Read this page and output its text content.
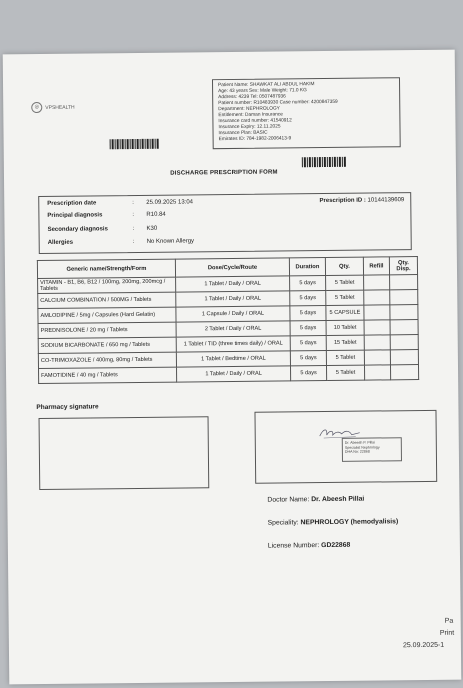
◎	VPSHEALTH
Patient Name: SHAWKAT ALI ABDUL HAKIM
Age: 43 years Sex: Male Weight: 71.0 KG
Address: 4239 Tel: 0507487936
Patient number: R10483930 Case number: 4200847359
Department: NEPHROLOGY
Entitlement: Daman Insurance
Insurance card number: 41540912
Insurance Expiry: 12.11.2025
Insurance Plan: BASIC
Emirates ID: 784-1982-2006413-9
DISCHARGE PRESCRIPTION FORM
Prescription date	:	25.09.2025 13:04	Prescription ID : 10144139609
Principal diagnosis	:	R10.84
Secondary diagnosis	:	K30
Allergies	:	No Known Allergy
Generic name/Strength/Form	Dose/Cycle/Route	Duration	Qty.	Refill	Qty. Disp.
VITAMIN - B1, B6, B12 / 100mg, 200mg, 200mcg / Tablets	1 Tablet / Daily / ORAL	5 days	5 Tablet		
CALCIUM COMBINATION / 500MG / Tablets	1 Tablet / Daily / ORAL	5 days	5 Tablet		
AMLODIPINE / 5mg / Capsules (Hard Gelatin)	1 Capsule / Daily / ORAL	5 days	5 CAPSULE		
PREDNISOLONE / 20 mg / Tablets	2 Tablet / Daily / ORAL	5 days	10 Tablet		
SODIUM BICARBONATE / 650 mg / Tablets	1 Tablet / TID (three times daily) / ORAL	5 days	15 Tablet		
CO-TRIMOXAZOLE / 400mg, 80mg / Tablets	1 Tablet / Bedtime / ORAL	5 days	5 Tablet		
FAMOTIDINE / 40 mg / Tablets	1 Tablet / Daily / ORAL	5 days	5 Tablet		
Pharmacy signature
Dr. Abeesh P. Pillai
Specialist Nephrology
DHA No: 22868
Doctor Name: Dr. Abeesh Pillai
Speciality: NEPHROLOGY (hemodyalisis)
License Number: GD22868
Pa
Print
25.09.2025-1
